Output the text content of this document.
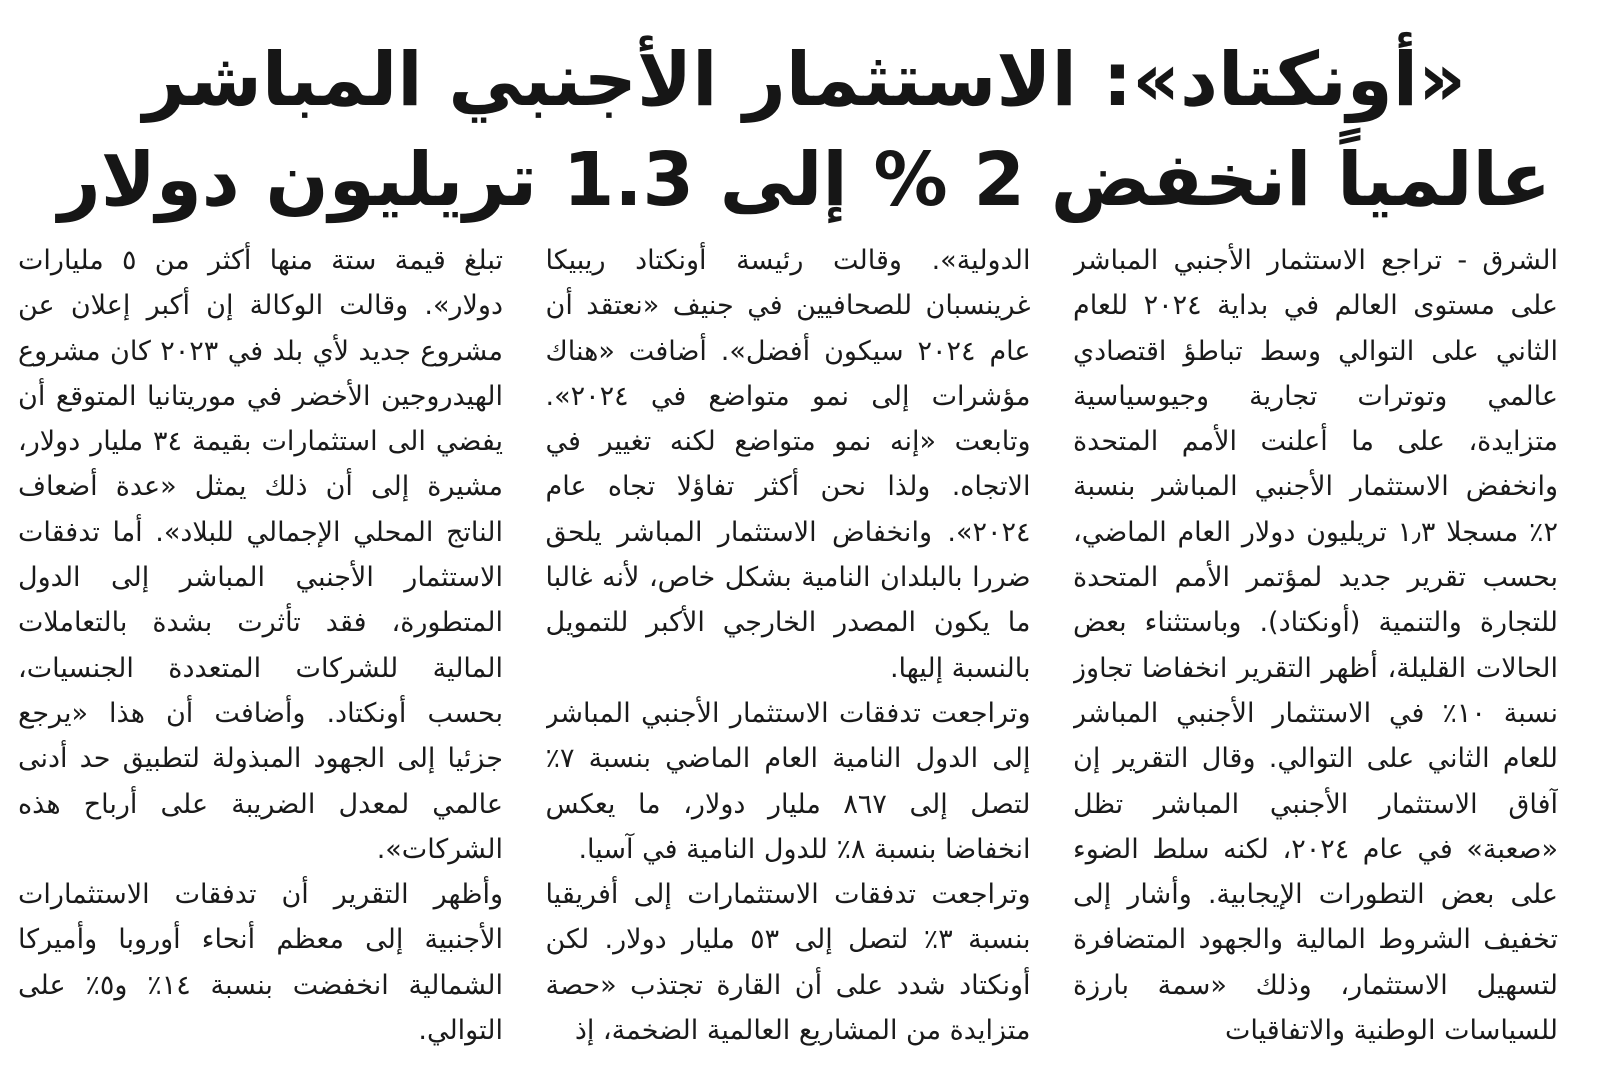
«أونكتاد»: الاستثمار الأجنبي المباشر
عالمياً انخفض 2 % إلى 1.3 تريليون دولار

الشرق - تراجع الاستثمار الأجنبي المباشر على مستوى العالم في بداية ٢٠٢٤ للعام الثاني على التوالي وسط تباطؤ اقتصادي عالمي وتوترات تجارية وجيوسياسية متزايدة، على ما أعلنت الأمم المتحدة وانخفض الاستثمار الأجنبي المباشر بنسبة ٢٪ مسجلا ١٫٣ تريليون دولار العام الماضي، بحسب تقرير جديد لمؤتمر الأمم المتحدة للتجارة والتنمية (أونكتاد). وباستثناء بعض الحالات القليلة، أظهر التقرير انخفاضا تجاوز نسبة ١٠٪ في الاستثمار الأجنبي المباشر للعام الثاني على التوالي. وقال التقرير إن آفاق الاستثمار الأجنبي المباشر تظل «صعبة» في عام ٢٠٢٤، لكنه سلط الضوء على بعض التطورات الإيجابية. وأشار إلى تخفيف الشروط المالية والجهود المتضافرة لتسهيل الاستثمار، وذلك «سمة بارزة للسياسات الوطنية والاتفاقيات

الدولية». وقالت رئيسة أونكتاد ريبيكا غرينسبان للصحافيين في جنيف «نعتقد أن عام ٢٠٢٤ سيكون أفضل». أضافت «هناك مؤشرات إلى نمو متواضع في ٢٠٢٤». وتابعت «إنه نمو متواضع لكنه تغيير في الاتجاه. ولذا نحن أكثر تفاؤلا تجاه عام ٢٠٢٤». وانخفاض الاستثمار المباشر يلحق ضررا بالبلدان النامية بشكل خاص، لأنه غالبا ما يكون المصدر الخارجي الأكبر للتمويل بالنسبة إليها.

وتراجعت تدفقات الاستثمار الأجنبي المباشر إلى الدول النامية العام الماضي بنسبة ٧٪ لتصل إلى ٨٦٧ مليار دولار، ما يعكس انخفاضا بنسبة ٨٪ للدول النامية في آسيا.

وتراجعت تدفقات الاستثمارات إلى أفريقيا بنسبة ٣٪ لتصل إلى ٥٣ مليار دولار. لكن أونكتاد شدد على أن القارة تجتذب «حصة متزايدة من المشاريع العالمية الضخمة، إذ

تبلغ قيمة ستة منها أكثر من ٥ مليارات دولار». وقالت الوكالة إن أكبر إعلان عن مشروع جديد لأي بلد في ٢٠٢٣ كان مشروع الهيدروجين الأخضر في موريتانيا المتوقع أن يفضي الى استثمارات بقيمة ٣٤ مليار دولار، مشيرة إلى أن ذلك يمثل «عدة أضعاف الناتج المحلي الإجمالي للبلاد». أما تدفقات الاستثمار الأجنبي المباشر إلى الدول المتطورة، فقد تأثرت بشدة بالتعاملات المالية للشركات المتعددة الجنسيات، بحسب أونكتاد. وأضافت أن هذا «يرجع جزئيا إلى الجهود المبذولة لتطبيق حد أدنى عالمي لمعدل الضريبة على أرباح هذه الشركات».

وأظهر التقرير أن تدفقات الاستثمارات الأجنبية إلى معظم أنحاء أوروبا وأميركا الشمالية انخفضت بنسبة ١٤٪ و٥٪ على التوالي.
